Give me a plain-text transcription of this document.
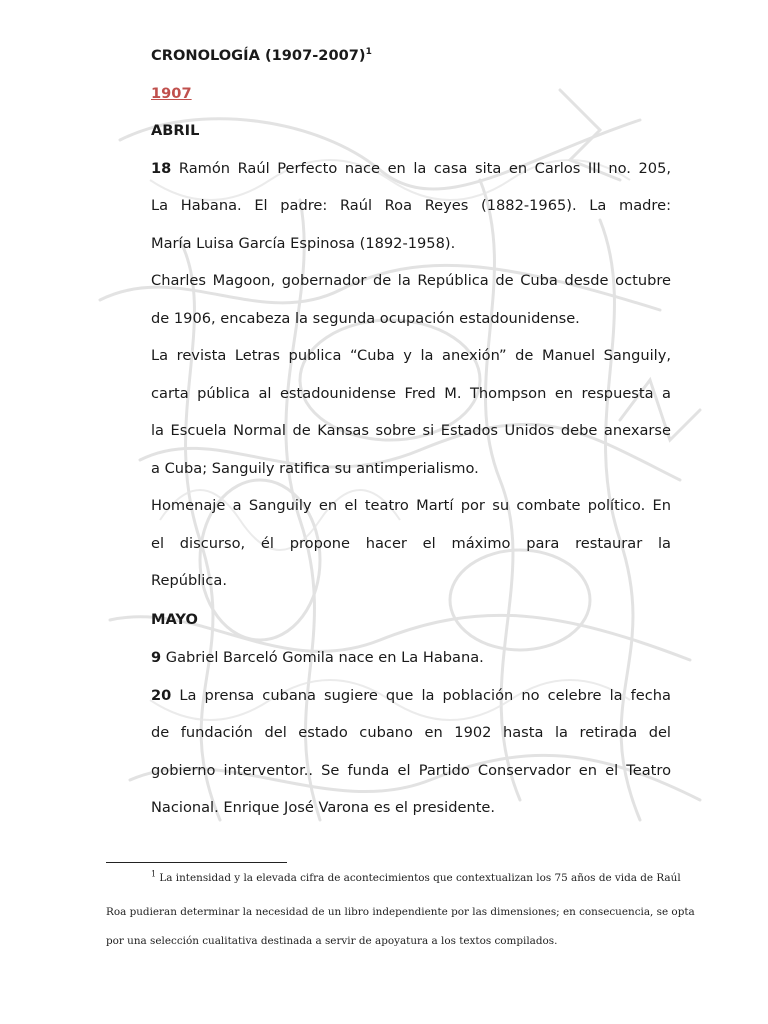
CRONOLOGÍA (1907-2007)$^1$
1907
ABRIL
18 Ramón Raúl Perfecto nace en la casa sita en Carlos III no. 205,
La Habana. El padre: Raúl Roa Reyes (1882-1965). La madre:
María Luisa García Espinosa (1892-1958).
Charles Magoon, gobernador de la República de Cuba desde octubre
de 1906, encabeza la segunda ocupación estadounidense.
La revista Letras publica “Cuba y la anexión” de Manuel Sanguily,
carta pública al estadounidense Fred M. Thompson en respuesta a
la Escuela Normal de Kansas sobre si Estados Unidos debe anexarse
a Cuba; Sanguily ratifica su antimperialismo.
Homenaje a Sanguily en el teatro Martí por su combate político. En
el discurso, él propone hacer el máximo para restaurar la
República.
MAYO
9 Gabriel Barceló Gomila nace en La Habana.
20 La prensa cubana sugiere que la población no celebre la fecha
de fundación del estado cubano en 1902 hasta la retirada del
gobierno interventor.. Se funda el Partido Conservador en el Teatro
Nacional. Enrique José Varona es el presidente.
$^1$ La intensidad y la elevada cifra de acontecimientos que contextualizan los 75 años de vida de Raúl
Roa pudieran determinar la necesidad de un libro independiente por las dimensiones; en consecuencia, se opta
por una selección cualitativa destinada a servir de apoyatura a los textos compilados.
